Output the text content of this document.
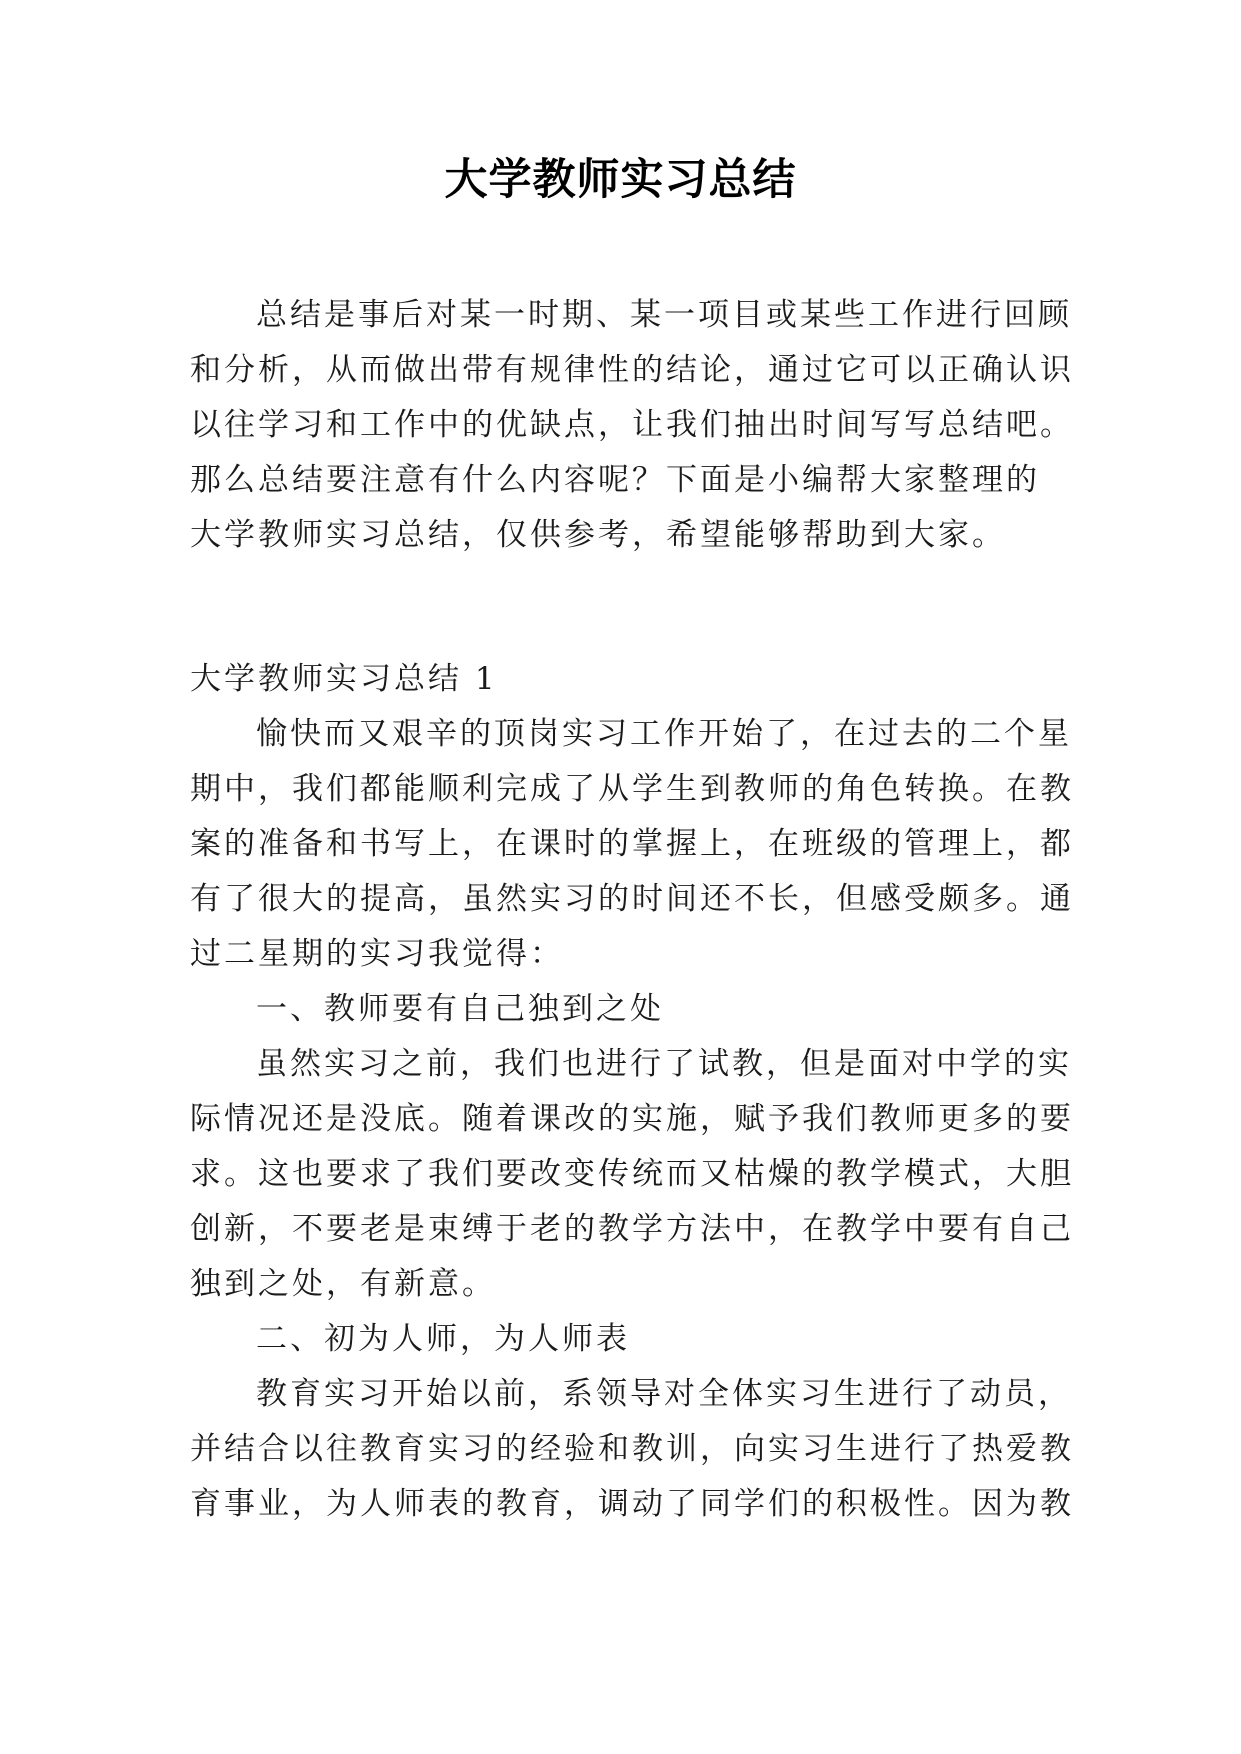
大学教师实习总结
总结是事后对某一时期、某一项目或某些工作进行回顾
和分析，从而做出带有规律性的结论，通过它可以正确认识
以往学习和工作中的优缺点，让我们抽出时间写写总结吧。
那么总结要注意有什么内容呢？下面是小编帮大家整理的
大学教师实习总结，仅供参考，希望能够帮助到大家。
大学教师实习总结 1
愉快而又艰辛的顶岗实习工作开始了，在过去的二个星
期中，我们都能顺利完成了从学生到教师的角色转换。在教
案的准备和书写上，在课时的掌握上，在班级的管理上，都
有了很大的提高，虽然实习的时间还不长，但感受颇多。通
过二星期的实习我觉得：
一、教师要有自己独到之处
虽然实习之前，我们也进行了试教，但是面对中学的实
际情况还是没底。随着课改的实施，赋予我们教师更多的要
求。这也要求了我们要改变传统而又枯燥的教学模式，大胆
创新，不要老是束缚于老的教学方法中，在教学中要有自己
独到之处，有新意。
二、初为人师，为人师表
教育实习开始以前，系领导对全体实习生进行了动员，
并结合以往教育实习的经验和教训，向实习生进行了热爱教
育事业，为人师表的教育，调动了同学们的积极性。因为教
